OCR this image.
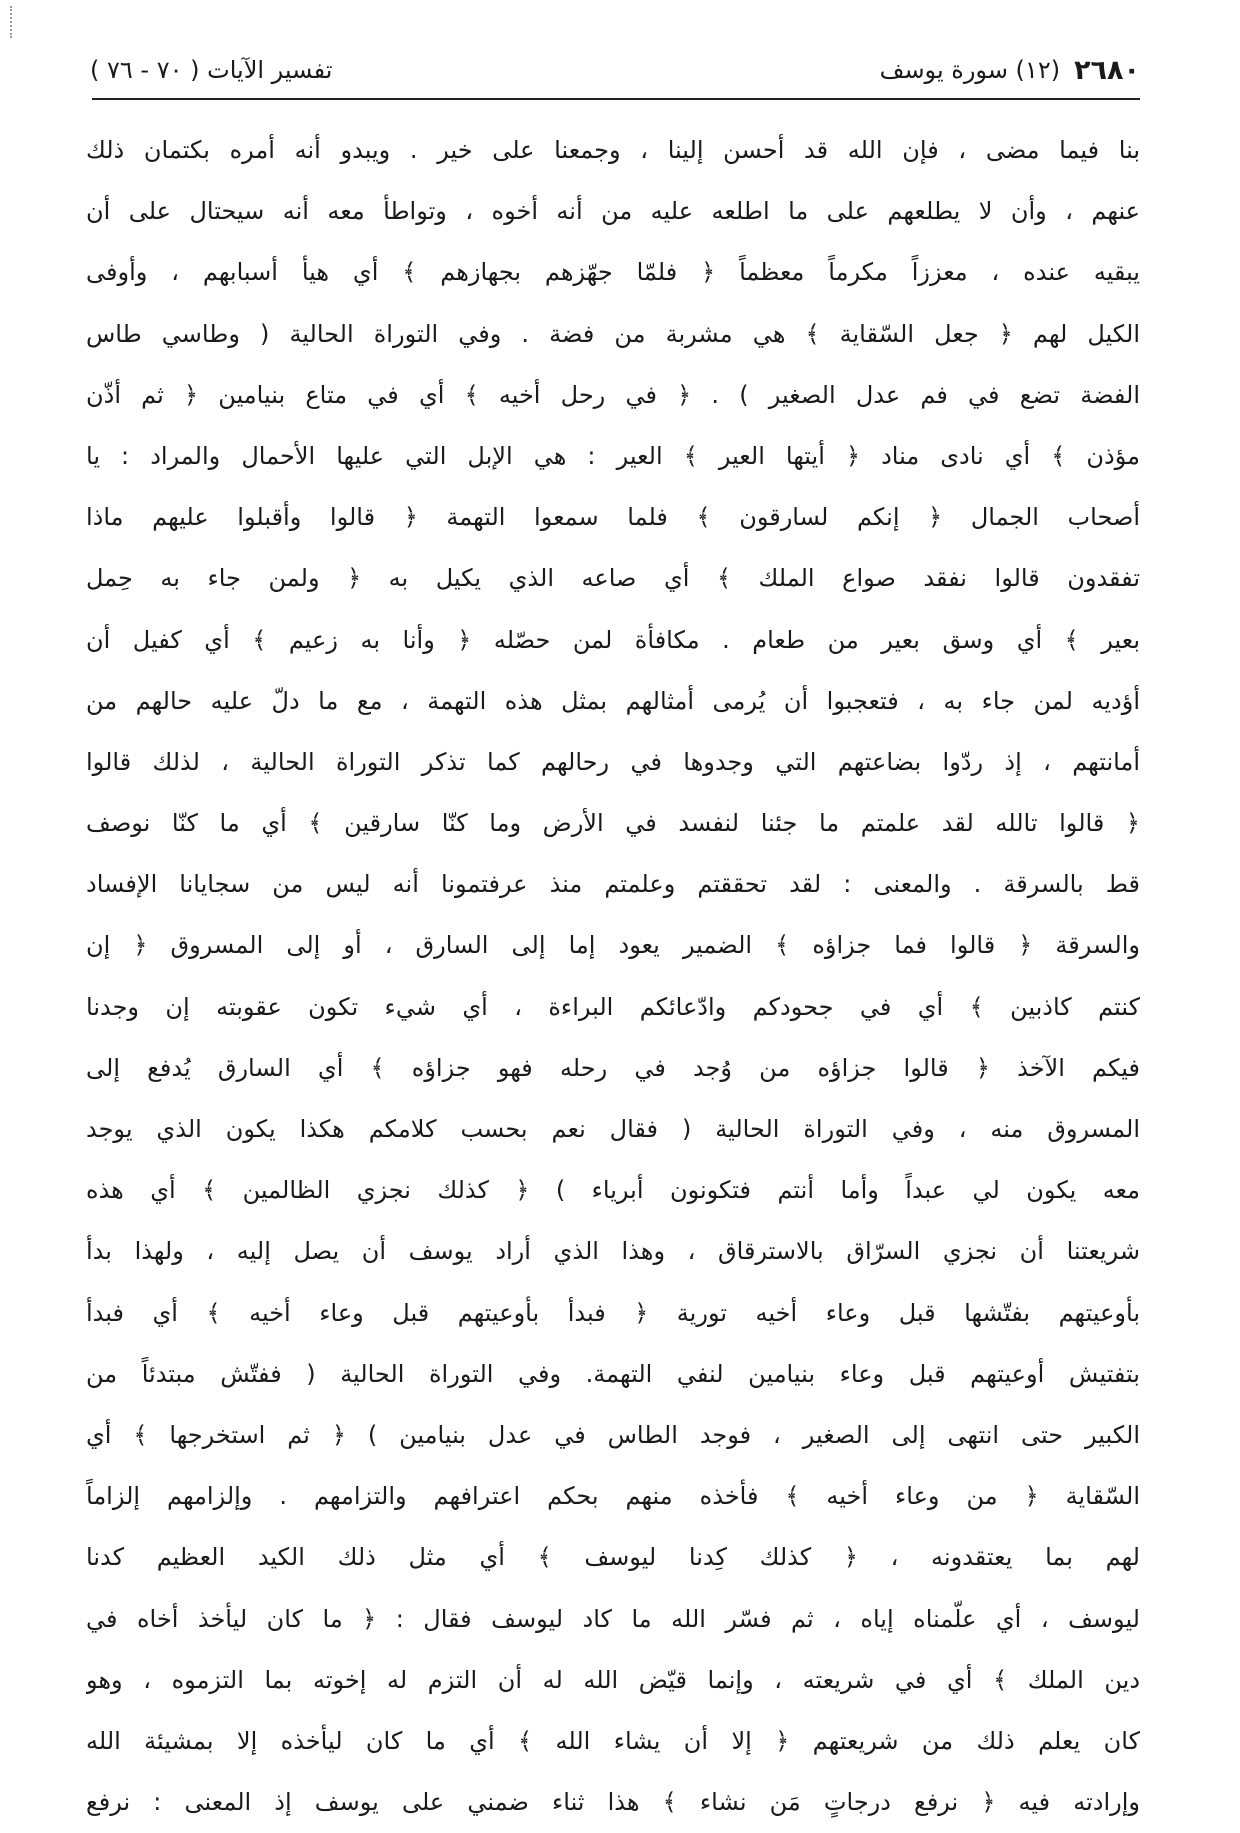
٢٦٨٠
(١٢) سورة يوسف
تفسير الآيات ( ٧٠ - ٧٦ )
بنا فيما مضى ، فإن الله قد أحسن إلينا ، وجمعنا على خير . ويبدو أنه أمره بكتمان ذلك
عنهم ، وأن لا يطلعهم على ما اطلعه عليه من أنه أخوه ، وتواطأ معه أنه سيحتال على أن
يبقيه عنده ، معززاً مكرماً معظماً ﴿ فلمّا جهّزهم بجهازهم ﴾ أي هيأ أسبابهم ، وأوفى
الكيل لهم ﴿ جعل السّقاية ﴾ هي مشربة من فضة . وفي التوراة الحالية ( وطاسي طاس
الفضة تضع في فم عدل الصغير ) . ﴿ في رحل أخيه ﴾ أي في متاع بنيامين ﴿ ثم أذّن
مؤذن ﴾ أي نادى مناد ﴿ أيتها العير ﴾ العير : هي الإبل التي عليها الأحمال والمراد : يا
أصحاب الجمال ﴿ إنكم لسارقون ﴾ فلما سمعوا التهمة ﴿ قالوا وأقبلوا عليهم ماذا
تفقدون قالوا نفقد صواع الملك ﴾ أي صاعه الذي يكيل به ﴿ ولمن جاء به حِمل
بعير ﴾ أي وسق بعير من طعام . مكافأة لمن حصّله ﴿ وأنا به زعيم ﴾ أي كفيل أن
أؤديه لمن جاء به ، فتعجبوا أن يُرمى أمثالهم بمثل هذه التهمة ، مع ما دلّ عليه حالهم من
أمانتهم ، إذ ردّوا بضاعتهم التي وجدوها في رحالهم كما تذكر التوراة الحالية ، لذلك قالوا
﴿ قالوا تالله لقد علمتم ما جئنا لنفسد في الأرض وما كنّا سارقين ﴾ أي ما كنّا نوصف
قط بالسرقة . والمعنى : لقد تحققتم وعلمتم منذ عرفتمونا أنه ليس من سجايانا الإفساد
والسرقة ﴿ قالوا فما جزاؤه ﴾ الضمير يعود إما إلى السارق ، أو إلى المسروق ﴿ إن
كنتم كاذبين ﴾ أي في جحودكم وادّعائكم البراءة ، أي شيء تكون عقوبته إن وجدنا
فيكم الآخذ ﴿ قالوا جزاؤه من وُجد في رحله فهو جزاؤه ﴾ أي السارق يُدفع إلى
المسروق منه ، وفي التوراة الحالية ( فقال نعم بحسب كلامكم هكذا يكون الذي يوجد
معه يكون لي عبداً وأما أنتم فتكونون أبرياء ) ﴿ كذلك نجزي الظالمين ﴾ أي هذه
شريعتنا أن نجزي السرّاق بالاسترقاق ، وهذا الذي أراد يوسف أن يصل إليه ، ولهذا بدأ
بأوعيتهم بفتّشها قبل وعاء أخيه تورية ﴿ فبدأ بأوعيتهم قبل وعاء أخيه ﴾ أي فبدأ
بتفتيش أوعيتهم قبل وعاء بنيامين لنفي التهمة. وفي التوراة الحالية ( ففتّش مبتدئاً من
الكبير حتى انتهى إلى الصغير ، فوجد الطاس في عدل بنيامين ) ﴿ ثم استخرجها ﴾ أي
السّقاية ﴿ من وعاء أخيه ﴾ فأخذه منهم بحكم اعترافهم والتزامهم . وإلزامهم إلزاماً
لهم بما يعتقدونه ، ﴿ كذلك كِدنا ليوسف ﴾ أي مثل ذلك الكيد العظيم كدنا
ليوسف ، أي علّمناه إياه ، ثم فسّر الله ما كاد ليوسف فقال : ﴿ ما كان ليأخذ أخاه في
دين الملك ﴾ أي في شريعته ، وإنما قيّض الله له أن التزم له إخوته بما التزموه ، وهو
كان يعلم ذلك من شريعتهم ﴿ إلا أن يشاء الله ﴾ أي ما كان ليأخذه إلا بمشيئة الله
وإرادته فيه ﴿ نرفع درجاتٍ مَن نشاء ﴾ هذا ثناء ضمني على يوسف إذ المعنى : نرفع
